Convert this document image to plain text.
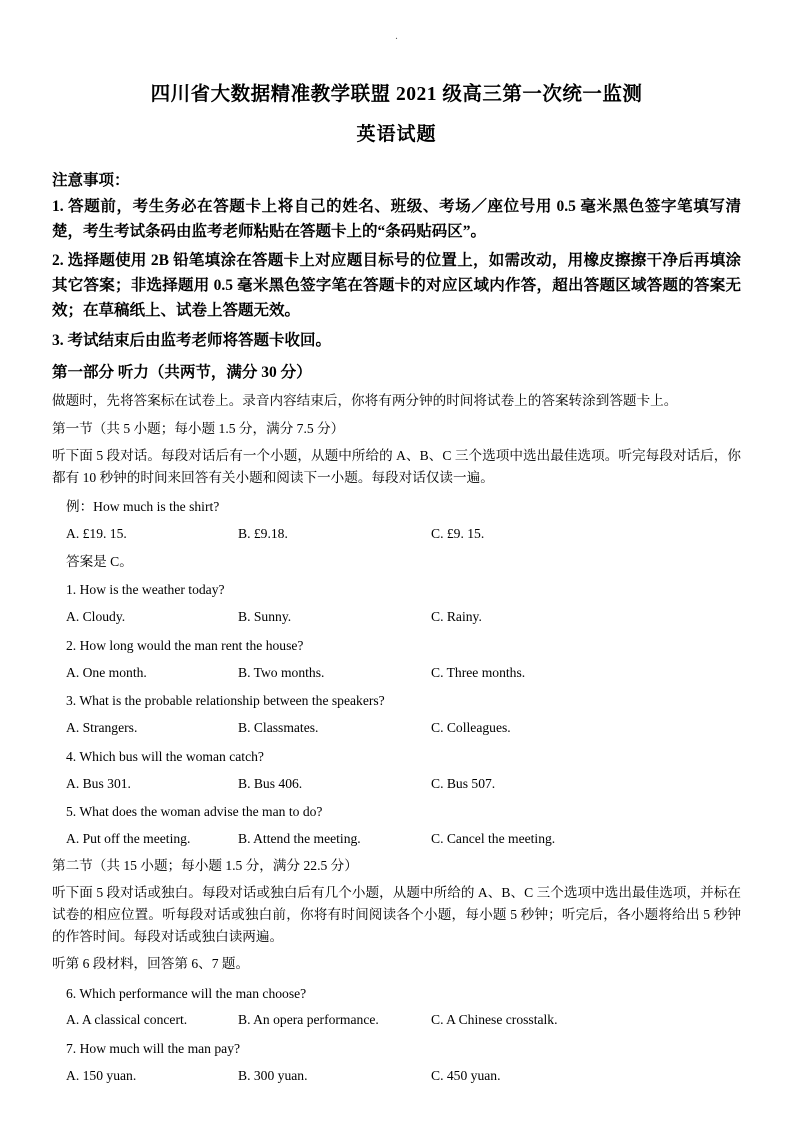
.
四川省大数据精准教学联盟 2021 级高三第一次统一监测
英语试题
注意事项：
1. 答题前，考生务必在答题卡上将自己的姓名、班级、考场／座位号用 0.5 毫米黑色签字笔填写清楚，考生考试条码由监考老师粘贴在答题卡上的“条码贴码区”。
2. 选择题使用 2B 铅笔填涂在答题卡上对应题目标号的位置上，如需改动，用橡皮擦擦干净后再填涂其它答案；非选择题用 0.5 毫米黑色签字笔在答题卡的对应区域内作答，超出答题区域答题的答案无效；在草稿纸上、试卷上答题无效。
3. 考试结束后由监考老师将答题卡收回。
第一部分 听力（共两节，满分 30 分）
做题时，先将答案标在试卷上。录音内容结束后，你将有两分钟的时间将试卷上的答案转涂到答题卡上。
第一节（共 5 小题；每小题 1.5 分，满分 7.5 分）
听下面 5 段对话。每段对话后有一个小题，从题中所给的 A、B、C 三个选项中选出最佳选项。听完每段对话后，你都有 10 秒钟的时间来回答有关小题和阅读下一小题。每段对话仅读一遍。
例：How much is the shirt?
A. £19. 15.	B. £9.18.	C. £9. 15.
答案是 C。
1. How is the weather today?
A. Cloudy.	B. Sunny.	C. Rainy.
2. How long would the man rent the house?
A. One month.	B. Two months.	C. Three months.
3. What is the probable relationship between the speakers?
A. Strangers.	B. Classmates.	C. Colleagues.
4. Which bus will the woman catch?
A. Bus 301.	B. Bus 406.	C. Bus 507.
5. What does the woman advise the man to do?
A. Put off the meeting.	B. Attend the meeting.	C. Cancel the meeting.
第二节（共 15 小题；每小题 1.5 分，满分 22.5 分）
听下面 5 段对话或独白。每段对话或独白后有几个小题，从题中所给的 A、B、C 三个选项中选出最佳选项，并标在试卷的相应位置。听每段对话或独白前，你将有时间阅读各个小题，每小题 5 秒钟；听完后，各小题将给出 5 秒钟的作答时间。每段对话或独白读两遍。
听第 6 段材料，回答第 6、7 题。
6. Which performance will the man choose?
A. A classical concert.	B. An opera performance.	C. A Chinese crosstalk.
7. How much will the man pay?
A. 150 yuan.	B. 300 yuan.	C. 450 yuan.
